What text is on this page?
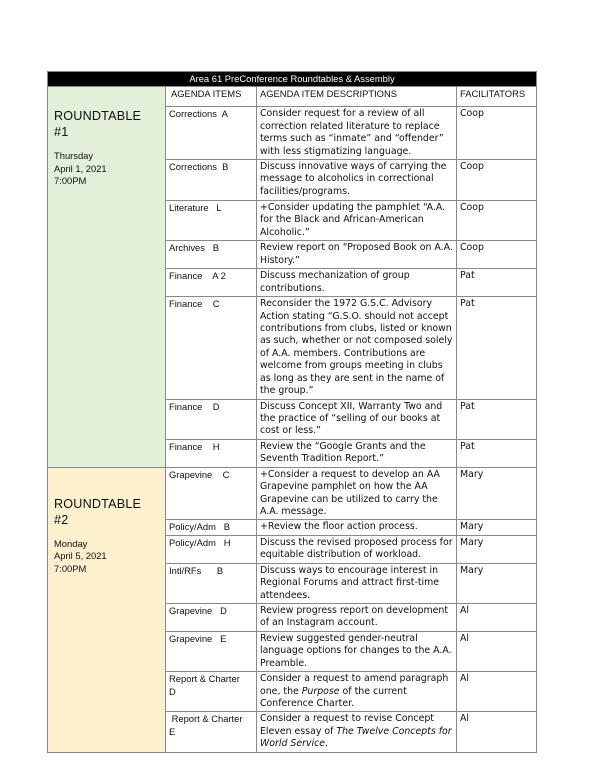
Area 61 PreConference Roundtables & Assembly			

ROUNDTABLE #1
Thursday
April 1, 2021
7:00PM	AGENDA ITEMS	AGENDA ITEM DESCRIPTIONS	FACILITATORS
	Corrections  A	Consider request for a review of all correction related literature to replace terms such as “inmate” and “offender” with less stigmatizing language.	Coop
	Corrections  B	Discuss innovative ways of carrying the message to alcoholics in correctional facilities/programs.	Coop
	Literature   L	+Consider updating the pamphlet “A.A. for the Black and African-American Alcoholic.”	Coop
	Archives   B	Review report on “Proposed Book on A.A. History.”	Coop
	Finance    A 2	Discuss mechanization of group contributions.	Pat
	Finance    C	Reconsider the 1972 G.S.C. Advisory Action stating “G.S.O. should not accept contributions from clubs, listed or known as such, whether or not composed solely of A.A. members. Contributions are welcome from groups meeting in clubs as long as they are sent in the name of the group.”	Pat
	Finance    D	Discuss Concept XII, Warranty Two and the practice of “selling of our books at cost or less.”	Pat
	Finance    H	Review the “Google Grants and the Seventh Tradition Report.”	Pat

ROUNDTABLE #2
Monday
April 5, 2021
7:00PM	Grapevine    C	+Consider a request to develop an AA Grapevine pamphlet on how the AA Grapevine can be utilized to carry the A.A. message.	Mary
	Policy/Adm   B	+Review the floor action process.	Mary
	Policy/Adm   H	Discuss the revised proposed process for equitable distribution of workload.	Mary
	Intl/RFs      B	Discuss ways to encourage interest in Regional Forums and attract first-time attendees.	Mary
	Grapevine   D	Review progress report on development of an Instagram account.	Al
	Grapevine   E	Review suggested gender-neutral language options for changes to the A.A. Preamble.	Al
	Report & Charter    D	Consider a request to amend paragraph one, the Purpose of the current Conference Charter.	Al
	Report & Charter    E	Consider a request to revise Concept Eleven essay of The Twelve Concepts for World Service.	Al
